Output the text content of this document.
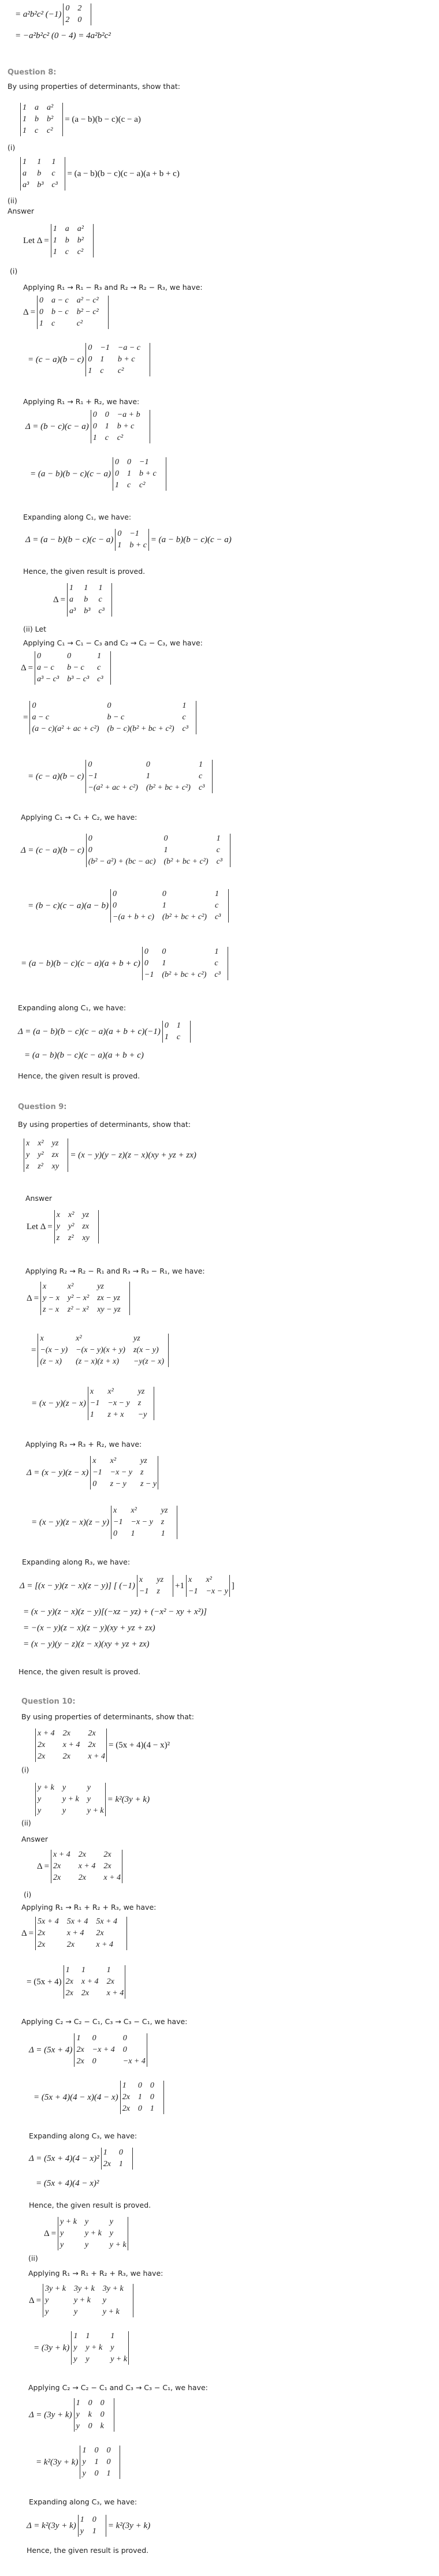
= a²b²c² (−1)
0	2
2	0
= −a²b²c² (0 − 4) = 4a²b²c²
Question 8:
By using properties of determinants, show that:
(i)
1	a	a²
1	b	b²
1	c	c²
= (a − b)(b − c)(c − a)
(ii)
1	1	1
a	b	c
a³	b³	c³
= (a − b)(b − c)(c − a)(a + b + c)
Answer
(i)
Let Δ =
1	a	a²
1	b	b²
1	c	c²
Applying R₁ → R₁ − R₃ and R₂ → R₂ − R₃, we have:
Δ =
0	a − c	a² − c²
0	b − c	b² − c²
1	c	c²
= (c − a)(b − c)
0	−1	−a − c
0	1	b + c
1	c	c²
Applying R₁ → R₁ + R₂, we have:
Δ = (b − c)(c − a)
0	0	−a + b
0	1	b + c
1	c	c²
= (a − b)(b − c)(c − a)
0	0	−1
0	1	b + c
1	c	c²
Expanding along C₁, we have:
Δ = (a − b)(b − c)(c − a)
0	−1
1	b + c
= (a − b)(b − c)(c − a)
Hence, the given result is proved.
(ii) Let
Δ =
1	1	1
a	b	c
a³	b³	c³
Applying C₁ → C₁ − C₃ and C₂ → C₂ − C₃, we have:
Δ =
0	0	1
a − c	b − c	c
a³ − c³	b³ − c³	c³
=
0	0	1
a − c	b − c	c
(a − c)(a² + ac + c²)	(b − c)(b² + bc + c²)	c³
= (c − a)(b − c)
0	0	1
−1	1	c
−(a² + ac + c²)	(b² + bc + c²)	c³
Applying C₁ → C₁ + C₂, we have:
Δ = (c − a)(b − c)
0	0	1
0	1	c
(b² − a²) + (bc − ac)	(b² + bc + c²)	c³
= (b − c)(c − a)(a − b)
0	0	1
0	1	c
−(a + b + c)	(b² + bc + c²)	c³
= (a − b)(b − c)(c − a)(a + b + c)
0	0	1
0	1	c
−1	(b² + bc + c²)	c³
Expanding along C₁, we have:
Δ = (a − b)(b − c)(c − a)(a + b + c)(−1)
0	1
1	c
= (a − b)(b − c)(c − a)(a + b + c)
Hence, the given result is proved.
Question 9:
By using properties of determinants, show that:
x	x²	yz
y	y²	zx
z	z²	xy
= (x − y)(y − z)(z − x)(xy + yz + zx)
Answer
Let Δ =
x	x²	yz
y	y²	zx
z	z²	xy
Applying R₂ → R₂ − R₁ and R₃ → R₃ − R₁, we have:
Δ =
x	x²	yz
y − x	y² − x²	zx − yz
z − x	z² − x²	xy − yz
=
x	x²	yz
−(x − y)	−(x − y)(x + y)	z(x − y)
(z − x)	(z − x)(z + x)	−y(z − x)
= (x − y)(z − x)
x	x²	yz
−1	−x − y	z
1	z + x	−y
Applying R₃ → R₃ + R₂, we have:
Δ = (x − y)(z − x)
x	x²	yz
−1	−x − y	z
0	z − y	z − y
= (x − y)(z − x)(z − y)
x	x²	yz
−1	−x − y	z
0	1	1
Expanding along R₃, we have:
Δ = [(x − y)(z − x)(z − y)] [ (−1)
x	yz
−1	z
+1
x	x²
−1	−x − y
]
= (x − y)(z − x)(z − y)[(−xz − yz) + (−x² − xy + x²)]
= −(x − y)(z − x)(z − y)(xy + yz + zx)
= (x − y)(y − z)(z − x)(xy + yz + zx)
Hence, the given result is proved.
Question 10:
By using properties of determinants, show that:
(i)
x + 4	2x	2x
2x	x + 4	2x
2x	2x	x + 4
= (5x + 4)(4 − x)²
(ii)
y + k	y	y
y	y + k	y
y	y	y + k
= k²(3y + k)
Answer
(i)
Δ =
x + 4	2x	2x
2x	x + 4	2x
2x	2x	x + 4
Applying R₁ → R₁ + R₂ + R₃, we have:
Δ =
5x + 4	5x + 4	5x + 4
2x	x + 4	2x
2x	2x	x + 4
= (5x + 4)
1	1	1
2x	x + 4	2x
2x	2x	x + 4
Applying C₂ → C₂ − C₁, C₃ → C₃ − C₁, we have:
Δ = (5x + 4)
1	0	0
2x	−x + 4	0
2x	0	−x + 4
= (5x + 4)(4 − x)(4 − x)
1	0	0
2x	1	0
2x	0	1
Expanding along C₃, we have:
Δ = (5x + 4)(4 − x)²
1	0
2x	1
= (5x + 4)(4 − x)²
Hence, the given result is proved.
(ii)
Δ =
y + k	y	y
y	y + k	y
y	y	y + k
Applying R₁ → R₁ + R₂ + R₃, we have:
Δ =
3y + k	3y + k	3y + k
y	y + k	y
y	y	y + k
= (3y + k)
1	1	1
y	y + k	y
y	y	y + k
Applying C₂ → C₂ − C₁ and C₃ → C₃ − C₁, we have:
Δ = (3y + k)
1	0	0
y	k	0
y	0	k
= k²(3y + k)
1	0	0
y	1	0
y	0	1
Expanding along C₃, we have:
Δ = k²(3y + k)
1	0
y	1
= k²(3y + k)
Hence, the given result is proved.
